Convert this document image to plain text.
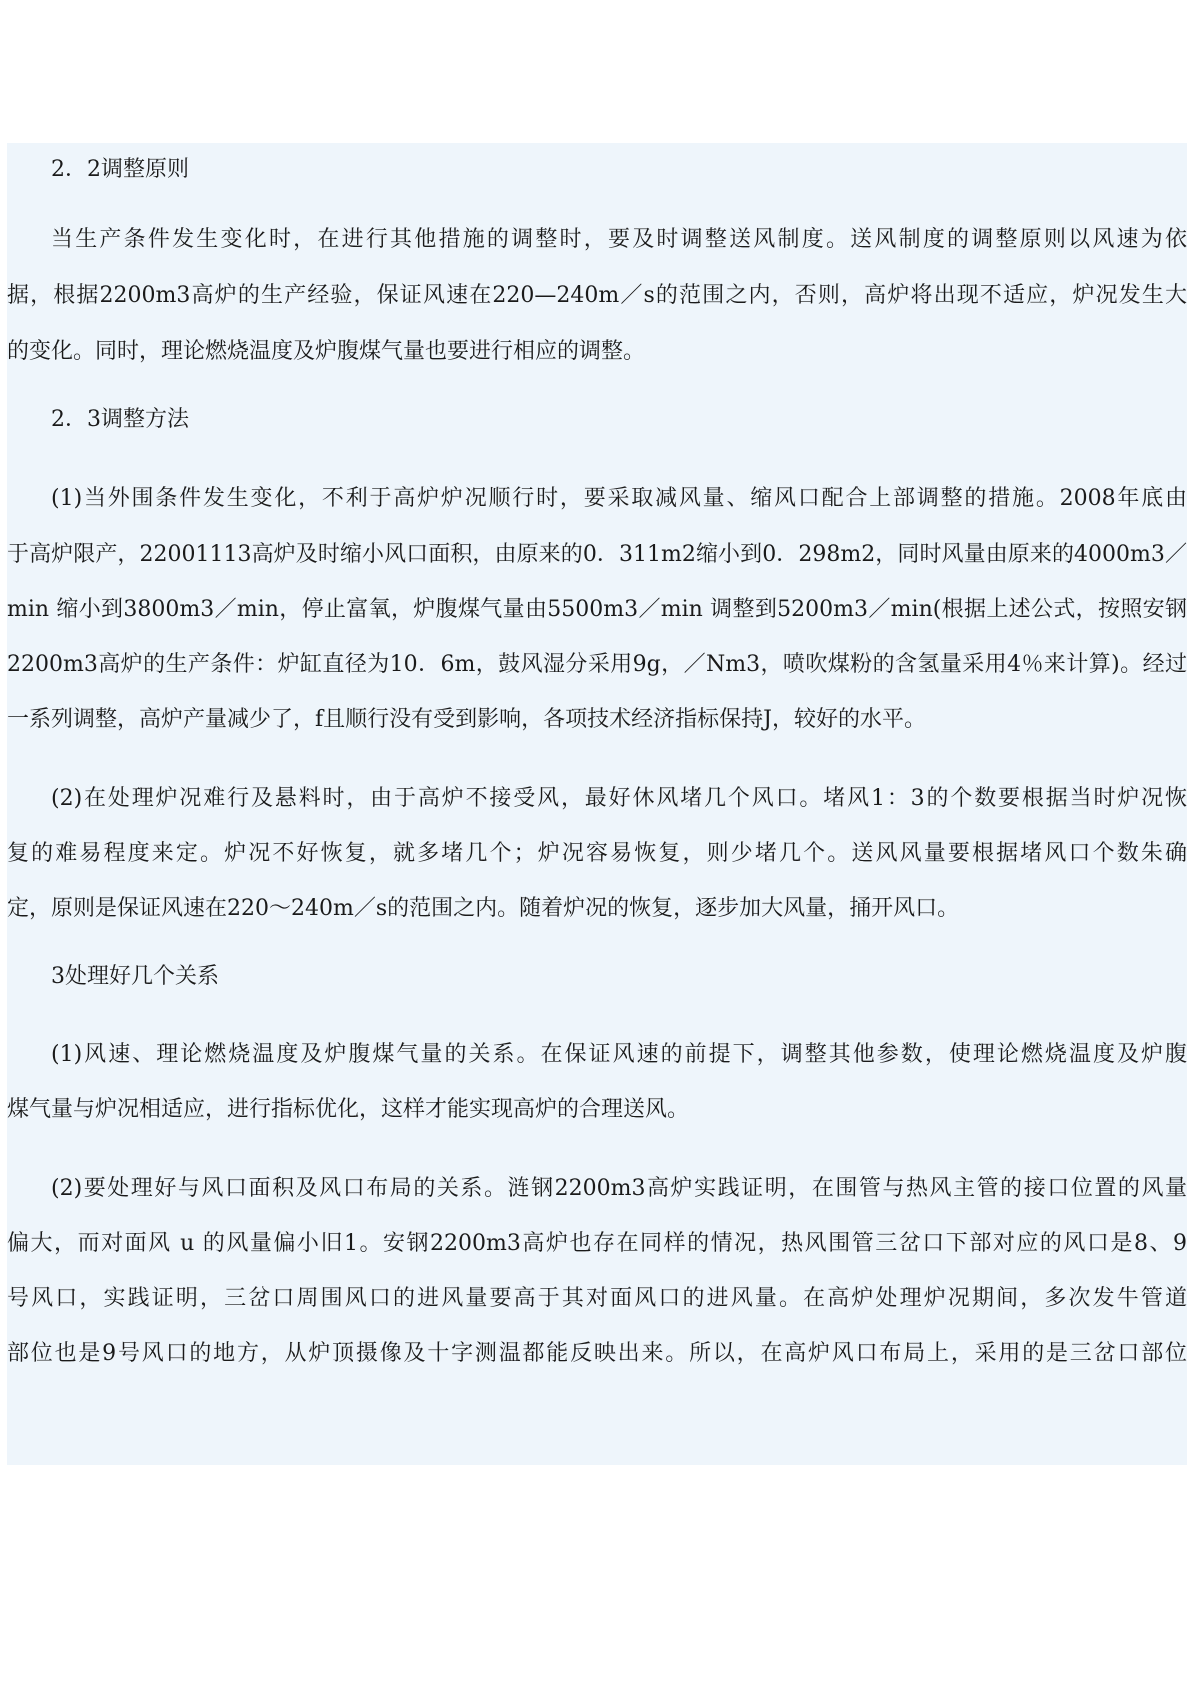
2．2调整原则
当生产条件发生变化时，在进行其他措施的调整时，要及时调整送风制度。送风制度的调整原则以风速为依
据，根据2200m3高炉的生产经验，保证风速在220—240m／s的范围之内，否则，高炉将出现不适应，炉况发生大
的变化。同时，理论燃烧温度及炉腹煤气量也要进行相应的调整。
2．3调整方法
(1)当外围条件发生变化，不利于高炉炉况顺行时，要采取减风量、缩风口配合上部调整的措施。2008年底由
于高炉限产，22001113高炉及时缩小风口面积，由原来的0．311m2缩小到0．298m2，同时风量由原来的4000m3／
min 缩小到3800m3／min，停止富氧，炉腹煤气量由5500m3／min 调整到5200m3／min(根据上述公式，按照安钢
2200m3高炉的生产条件：炉缸直径为10．6m，鼓风湿分采用9g，／Nm3，喷吹煤粉的含氢量采用4％来计算)。经过
一系列调整，高炉产量减少了，f且顺行没有受到影响，各项技术经济指标保持J，较好的水平。
(2)在处理炉况难行及悬料时，由于高炉不接受风，最好休风堵几个风口。堵风1：3的个数要根据当时炉况恢
复的难易程度来定。炉况不好恢复，就多堵几个；炉况容易恢复，则少堵几个。送风风量要根据堵风口个数朱确
定，原则是保证风速在220～240m／s的范围之内。随着炉况的恢复，逐步加大风量，捅开风口。
3处理好几个关系
(1)风速、理论燃烧温度及炉腹煤气量的关系。在保证风速的前提下，调整其他参数，使理论燃烧温度及炉腹
煤气量与炉况相适应，进行指标优化，这样才能实现高炉的合理送风。
(2)要处理好与风口面积及风口布局的关系。涟钢2200m3高炉实践证明，在围管与热风主管的接口位置的风量
偏大，而对面风 u 的风量偏小旧1。安钢2200m3高炉也存在同样的情况，热风围管三岔口下部对应的风口是8、9
号风口，实践证明，三岔口周围风口的进风量要高于其对面风口的进风量。在高炉处理炉况期间，多次发牛管道
部位也是9号风口的地方，从炉顶摄像及十字测温都能反映出来。所以，在高炉风口布局上，采用的是三岔口部位
